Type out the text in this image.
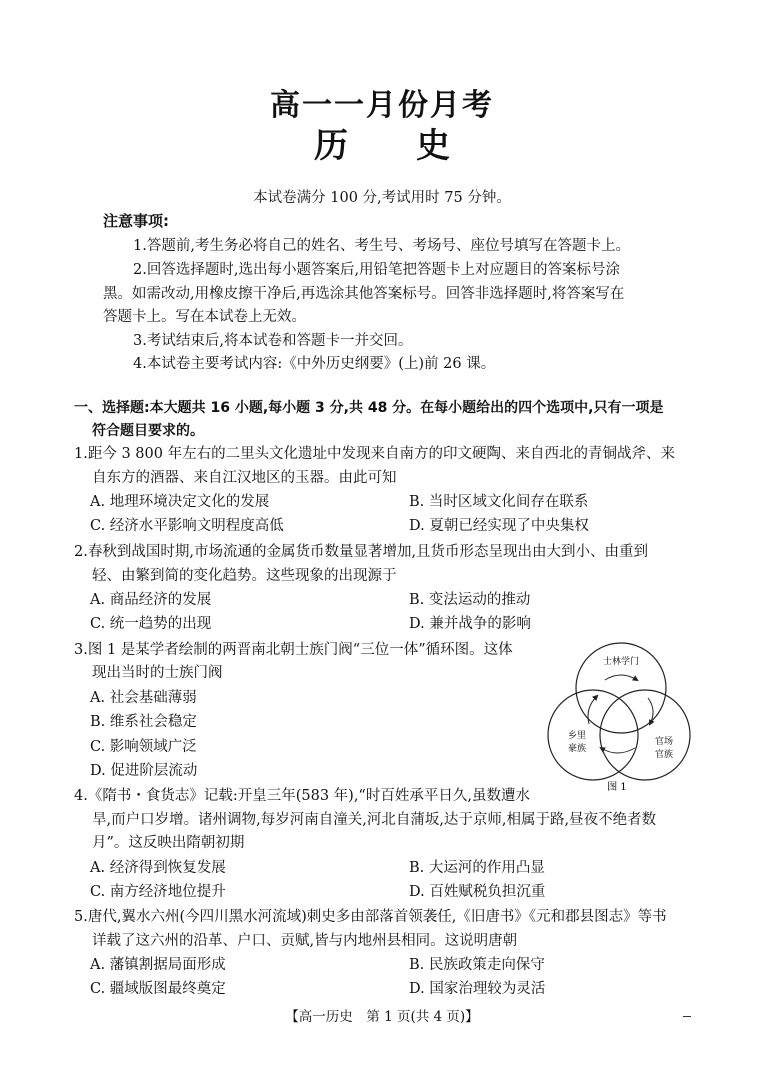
高一一月份月考
历　　史
本试卷满分 100 分,考试用时 75 分钟。
注意事项:
1.答题前,考生务必将自己的姓名、考生号、考场号、座位号填写在答题卡上。
2.回答选择题时,选出每小题答案后,用铅笔把答题卡上对应题目的答案标号涂
黑。如需改动,用橡皮擦干净后,再选涂其他答案标号。回答非选择题时,将答案写在
答题卡上。写在本试卷上无效。
3.考试结束后,将本试卷和答题卡一并交回。
4.本试卷主要考试内容:《中外历史纲要》(上)前 26 课。
一、选择题:本大题共 16 小题,每小题 3 分,共 48 分。在每小题给出的四个选项中,只有一项是
符合题目要求的。
1.距今 3 800 年左右的二里头文化遗址中发现来自南方的印文硬陶、来自西北的青铜战斧、来
自东方的酒器、来自江汉地区的玉器。由此可知
A. 地理环境决定文化的发展	B. 当时区域文化间存在联系
C. 经济水平影响文明程度高低	D. 夏朝已经实现了中央集权
2.春秋到战国时期,市场流通的金属货币数量显著增加,且货币形态呈现出由大到小、由重到
轻、由繁到简的变化趋势。这些现象的出现源于
A. 商品经济的发展	B. 变法运动的推动
C. 统一趋势的出现	D. 兼并战争的影响
3.图 1 是某学者绘制的两晋南北朝士族门阀“三位一体”循环图。这体
现出当时的士族门阀
A. 社会基础薄弱
B. 维系社会稳定
C. 影响领域广泛
D. 促进阶层流动
士林学门
乡里
豪族
官场
官族
图 1
4.《隋书・食货志》记载:开皇三年(583 年),“时百姓承平日久,虽数遭水
旱,而户口岁增。诸州调物,每岁河南自潼关,河北自蒲坂,达于京师,相属于路,昼夜不绝者数
月”。这反映出隋朝初期
A. 经济得到恢复发展	B. 大运河的作用凸显
C. 南方经济地位提升	D. 百姓赋税负担沉重
5.唐代,翼水六州(今四川黑水河流域)刺史多由部落首领袭任,《旧唐书》《元和郡县图志》等书
详载了这六州的沿革、户口、贡赋,皆与内地州县相同。这说明唐朝
A. 藩镇割据局面形成	B. 民族政策走向保守
C. 疆域版图最终奠定	D. 国家治理较为灵活
【高一历史　第 1 页(共 4 页)】
